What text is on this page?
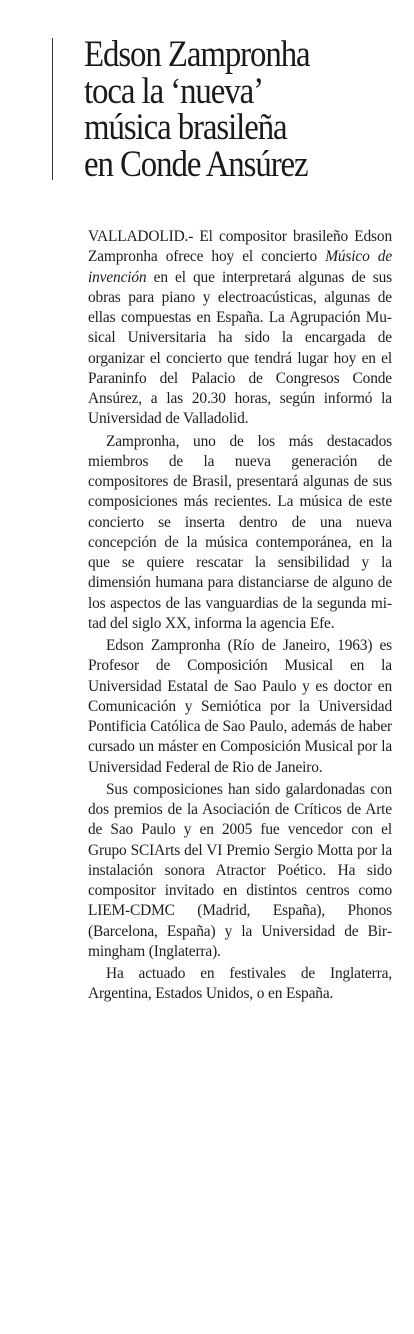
Edson Zampronha
toca la ‘nueva’
música brasileña
en Conde Ansúrez

VALLADOLID.- El compositor brasileño Edson Zampronha ofrece hoy el concierto Músico de invención en el que interpretará algunas de sus obras para piano y electroacústicas, algunas de ellas compuestas en España. La Agrupación Musical Universitaria ha sido la encargada de organizar el concierto que tendrá lugar hoy en el Paraninfo del Palacio de Congresos Conde Ansúrez, a las 20.30 horas, según informó la Universidad de Valladolid.

Zampronha, uno de los más destacados miembros de la nueva generación de compositores de Brasil, presentará algunas de sus composiciones más recientes. La música de este concierto se inserta dentro de una nueva concepción de la música contemporánea, en la que se quiere rescatar la sensibilidad y la dimensión humana para distanciarse de alguno de los aspectos de las vanguardias de la segunda mitad del siglo XX, informa la agencia Efe.

Edson Zampronha (Río de Janeiro, 1963) es Profesor de Composición Musical en la Universidad Estatal de Sao Paulo y es doctor en Comunicación y Semiótica por la Universidad Pontificia Católica de Sao Paulo, además de haber cursado un máster en Composición Musical por la Universidad Federal de Rio de Janeiro.

Sus composiciones han sido galardonadas con dos premios de la Asociación de Críticos de Arte de Sao Paulo y en 2005 fue vencedor con el Grupo SCIArts del VI Premio Sergio Motta por la instalación sonora Atractor Poético. Ha sido compositor invitado en distintos centros como LIEM-CDMC (Madrid, España), Phonos (Barcelona, España) y la Universidad de Birmingham (Inglaterra).

Ha actuado en festivales de Inglaterra, Argentina, Estados Unidos, o en España.
